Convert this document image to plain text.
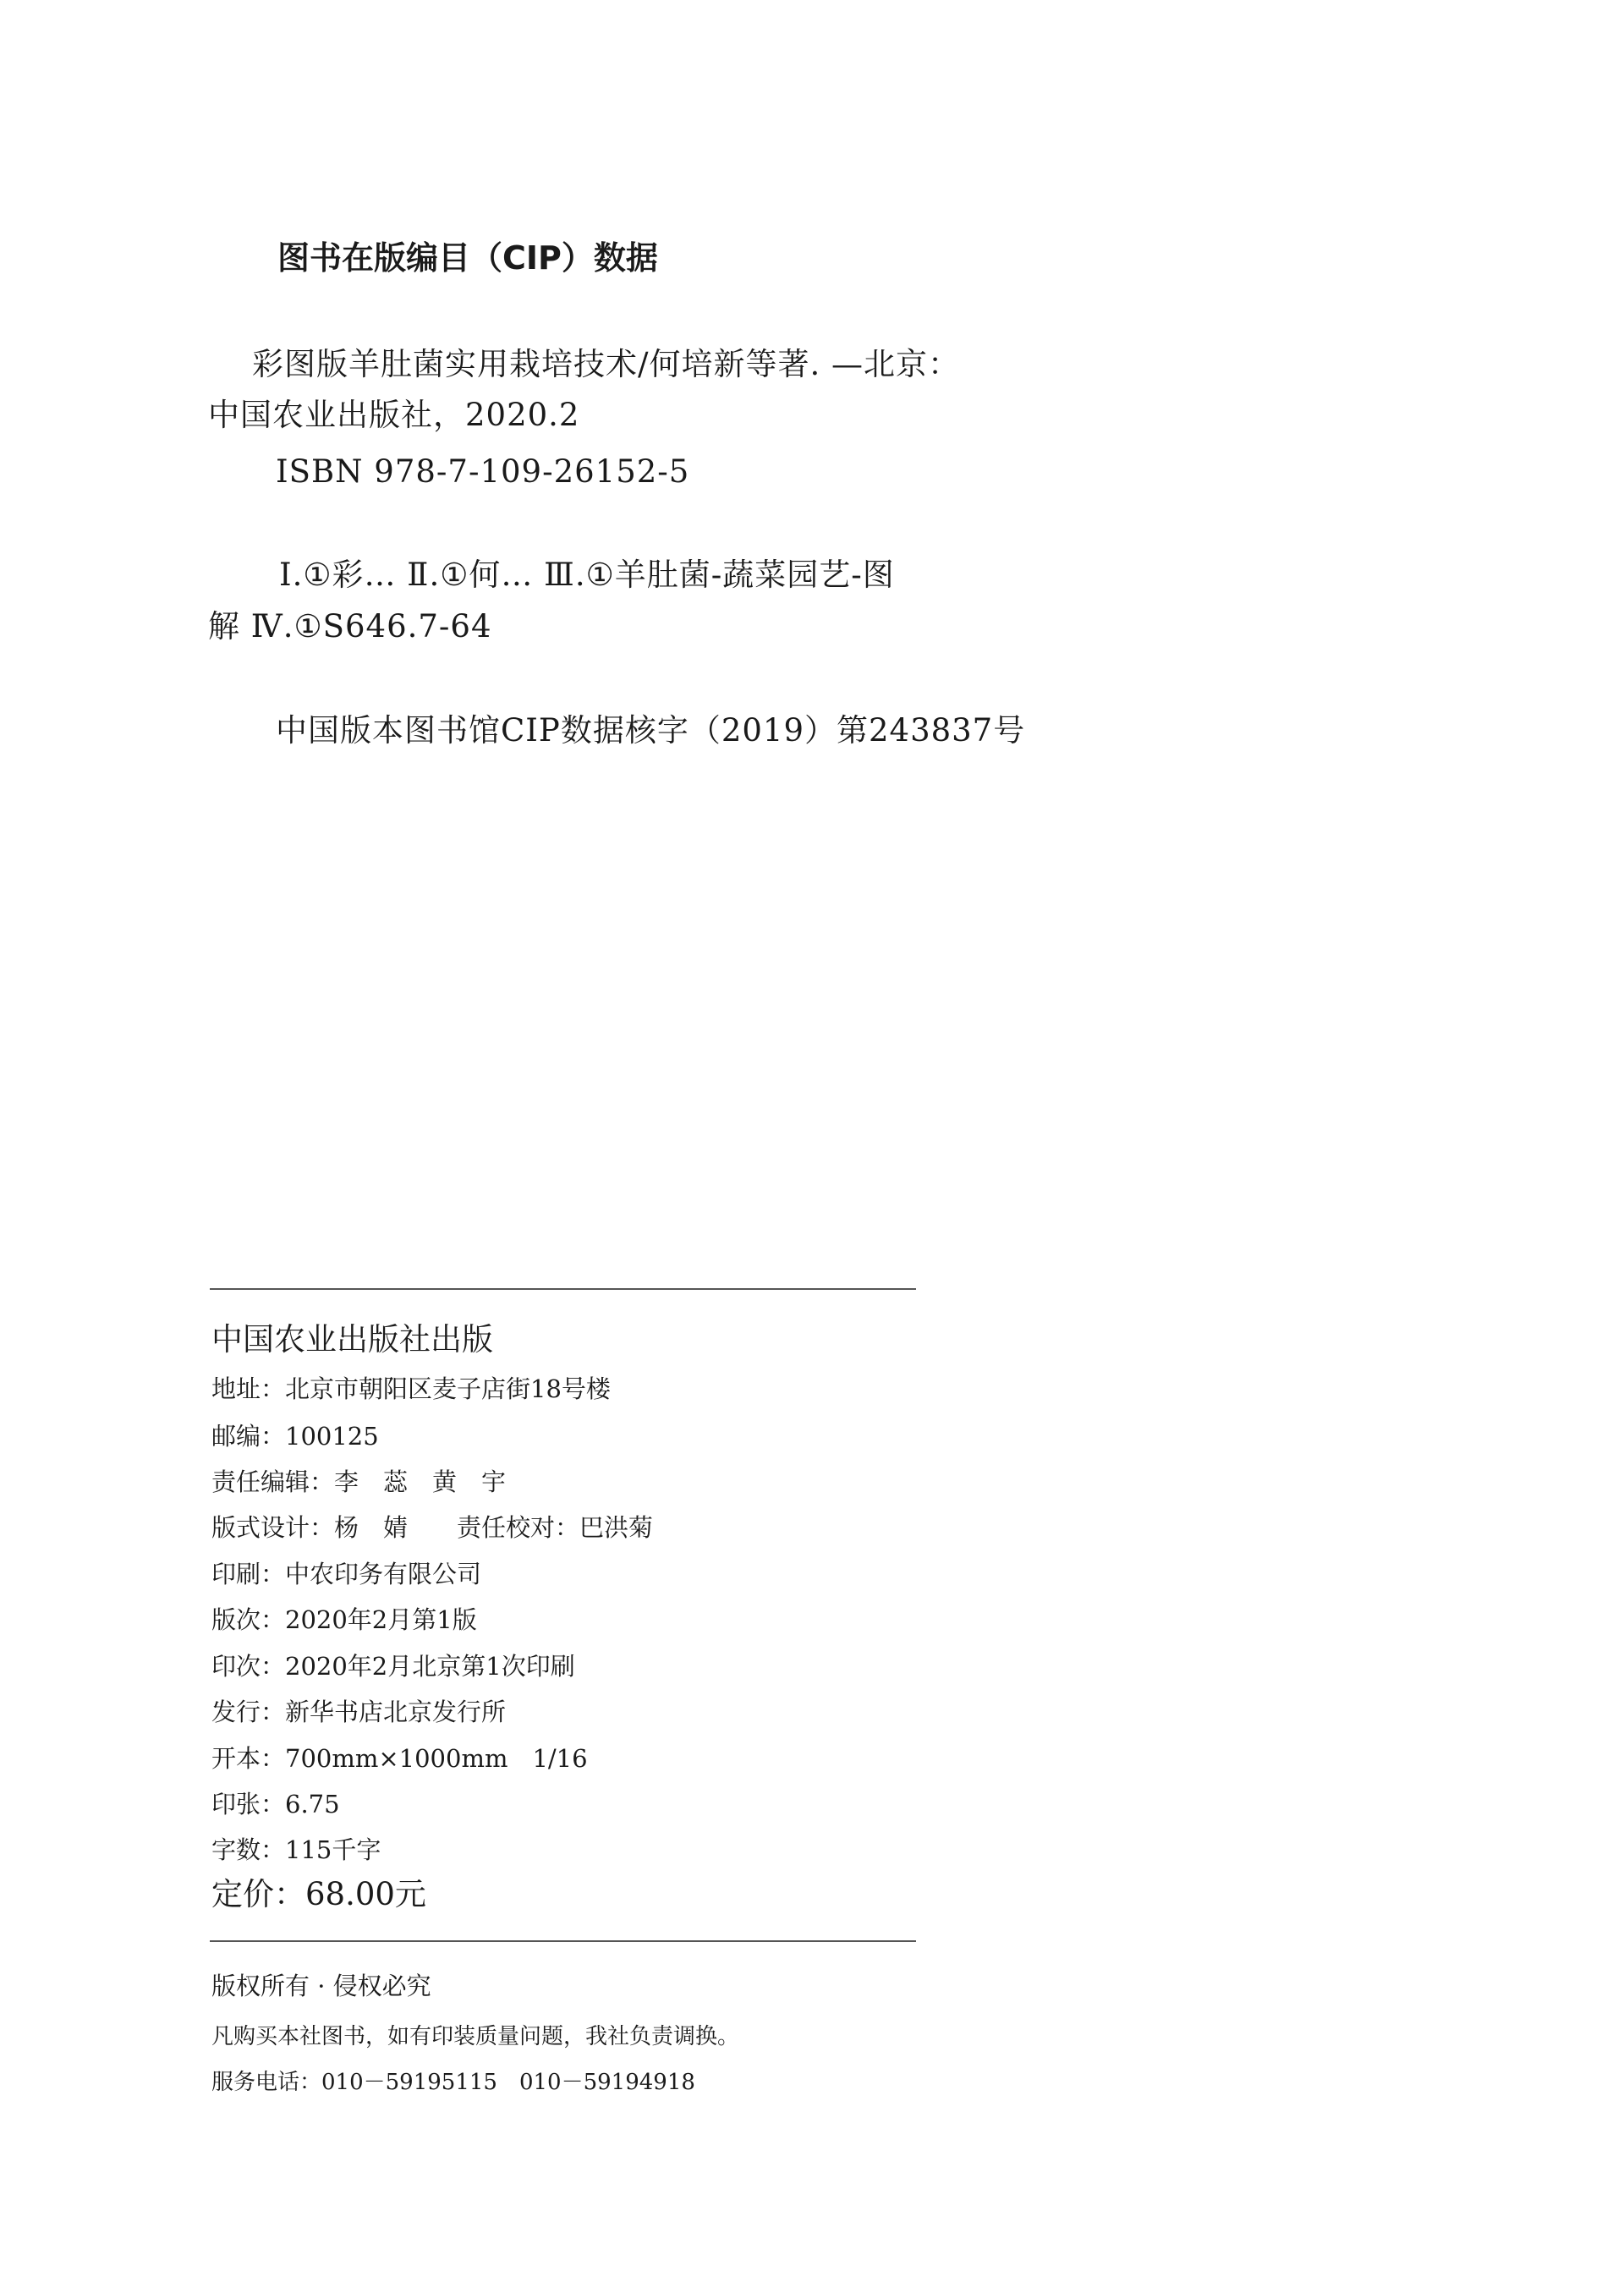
图书在版编目（CIP）数据
彩图版羊肚菌实用栽培技术/何培新等著. —北京：
中国农业出版社，2020.2
ISBN 978-7-109-26152-5
Ⅰ.①彩… Ⅱ.①何… Ⅲ.①羊肚菌-蔬菜园艺-图
解 Ⅳ.①S646.7-64
中国版本图书馆CIP数据核字（2019）第243837号
中国农业出版社出版
地址：北京市朝阳区麦子店街18号楼
邮编：100125
责任编辑：李　蕊　黄　宇
版式设计：杨　婧　　责任校对：巴洪菊
印刷：中农印务有限公司
版次：2020年2月第1版
印次：2020年2月北京第1次印刷
发行：新华书店北京发行所
开本：700mm×1000mm　1/16
印张：6.75
字数：115千字
定价：68.00元
版权所有 · 侵权必究
凡购买本社图书，如有印装质量问题，我社负责调换。
服务电话：010－59195115　010－59194918
